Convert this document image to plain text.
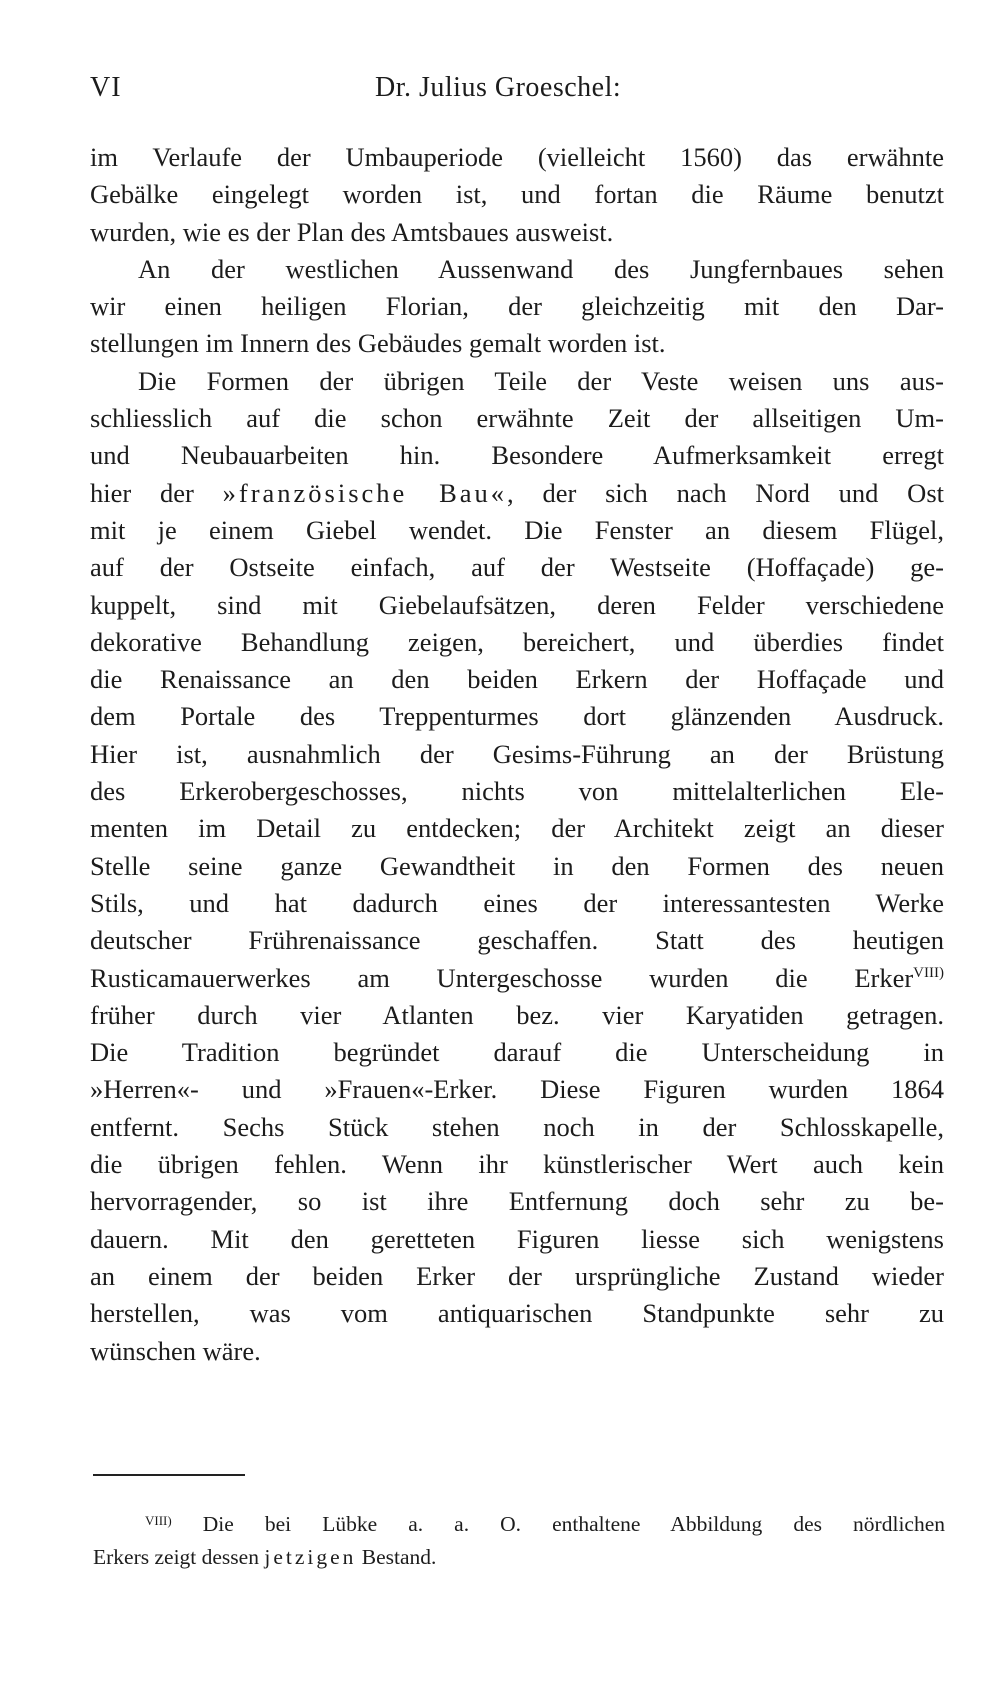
VI	Dr. Julius Groeschel:

im Verlaufe der Umbauperiode (vielleicht 1560) das erwähnte
Gebälke eingelegt worden ist, und fortan die Räume benutzt
wurden, wie es der Plan des Amtsbaues ausweist.

An der westlichen Aussenwand des Jungfernbaues sehen
wir einen heiligen Florian, der gleichzeitig mit den Dar-
stellungen im Innern des Gebäudes gemalt worden ist.

Die Formen der übrigen Teile der Veste weisen uns aus-
schliesslich auf die schon erwähnte Zeit der allseitigen Um-
und Neubauarbeiten hin. Besondere Aufmerksamkeit erregt
hier der »französische Bau«, der sich nach Nord und Ost
mit je einem Giebel wendet. Die Fenster an diesem Flügel,
auf der Ostseite einfach, auf der Westseite (Hoffaçade) ge-
kuppelt, sind mit Giebelaufsätzen, deren Felder verschiedene
dekorative Behandlung zeigen, bereichert, und überdies findet
die Renaissance an den beiden Erkern der Hoffaçade und
dem Portale des Treppenturmes dort glänzenden Ausdruck.
Hier ist, ausnahmlich der Gesims-Führung an der Brüstung
des Erkerobergeschosses, nichts von mittelalterlichen Ele-
menten im Detail zu entdecken; der Architekt zeigt an dieser
Stelle seine ganze Gewandtheit in den Formen des neuen
Stils, und hat dadurch eines der interessantesten Werke
deutscher Frührenaissance geschaffen. Statt des heutigen
Rusticamauerwerkes am Untergeschosse wurden die Erker$^{VIII)}$
früher durch vier Atlanten bez. vier Karyatiden getragen.
Die Tradition begründet darauf die Unterscheidung in
»Herren«- und »Frauen«-Erker. Diese Figuren wurden 1864
entfernt. Sechs Stück stehen noch in der Schlosskapelle,
die übrigen fehlen. Wenn ihr künstlerischer Wert auch kein
hervorragender, so ist ihre Entfernung doch sehr zu be-
dauern. Mit den geretteten Figuren liesse sich wenigstens
an einem der beiden Erker der ursprüngliche Zustand wieder
herstellen, was vom antiquarischen Standpunkte sehr zu
wünschen wäre.

$^{VIII)}$ Die bei Lübke a. a. O. enthaltene Abbildung des nördlichen
Erkers zeigt dessen jetzigen Bestand.
